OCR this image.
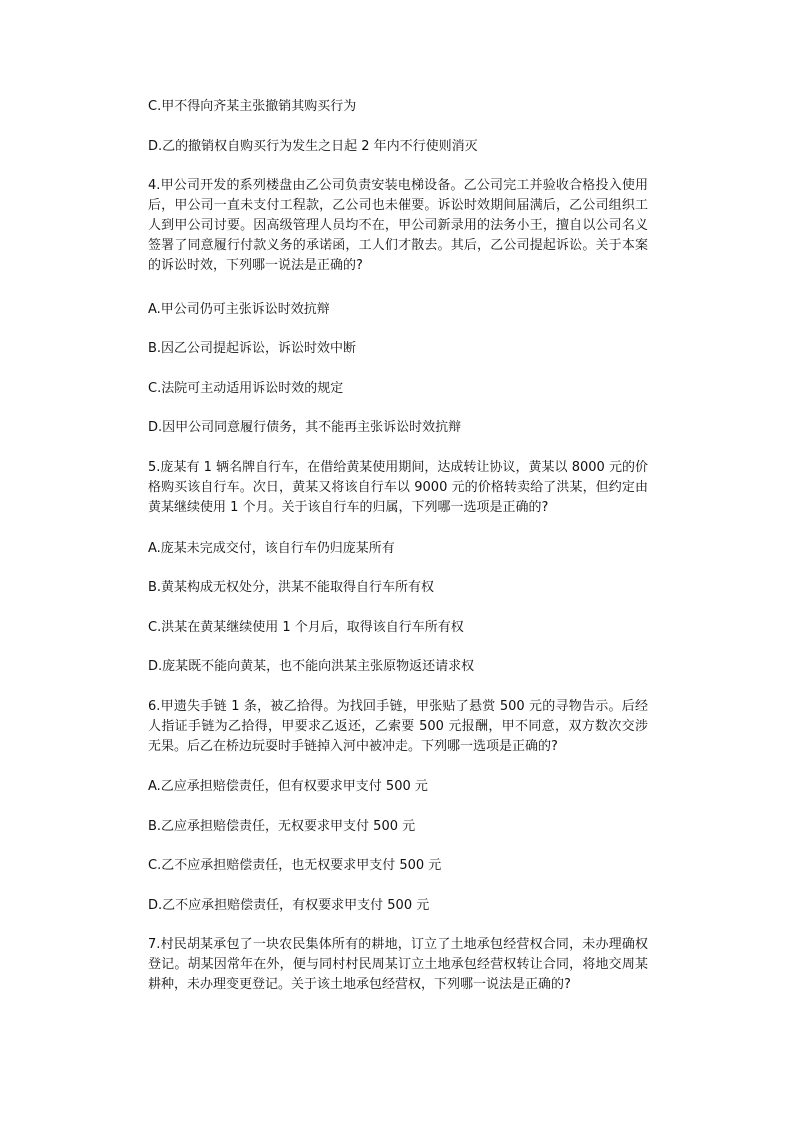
C.甲不得向齐某主张撤销其购买行为

D.乙的撤销权自购买行为发生之日起 2 年内不行使则消灭

4.甲公司开发的系列楼盘由乙公司负责安装电梯设备。乙公司完工并验收合格投入使用后，甲公司一直未支付工程款，乙公司也未催要。诉讼时效期间届满后，乙公司组织工人到甲公司讨要。因高级管理人员均不在，甲公司新录用的法务小王，擅自以公司名义签署了同意履行付款义务的承诺函，工人们才散去。其后，乙公司提起诉讼。关于本案的诉讼时效，下列哪一说法是正确的?

A.甲公司仍可主张诉讼时效抗辩

B.因乙公司提起诉讼，诉讼时效中断

C.法院可主动适用诉讼时效的规定

D.因甲公司同意履行债务，其不能再主张诉讼时效抗辩

5.庞某有 1 辆名牌自行车，在借给黄某使用期间，达成转让协议，黄某以 8000 元的价格购买该自行车。次日，黄某又将该自行车以 9000 元的价格转卖给了洪某，但约定由黄某继续使用 1 个月。关于该自行车的归属，下列哪一选项是正确的?

A.庞某未完成交付，该自行车仍归庞某所有

B.黄某构成无权处分，洪某不能取得自行车所有权

C.洪某在黄某继续使用 1 个月后，取得该自行车所有权

D.庞某既不能向黄某，也不能向洪某主张原物返还请求权

6.甲遗失手链 1 条，被乙拾得。为找回手链，甲张贴了悬赏 500 元的寻物告示。后经人指证手链为乙拾得，甲要求乙返还，乙索要 500 元报酬，甲不同意，双方数次交涉无果。后乙在桥边玩耍时手链掉入河中被冲走。下列哪一选项是正确的?

A.乙应承担赔偿责任，但有权要求甲支付 500 元

B.乙应承担赔偿责任，无权要求甲支付 500 元

C.乙不应承担赔偿责任，也无权要求甲支付 500 元

D.乙不应承担赔偿责任，有权要求甲支付 500 元

7.村民胡某承包了一块农民集体所有的耕地，订立了土地承包经营权合同，未办理确权登记。胡某因常年在外，便与同村村民周某订立土地承包经营权转让合同，将地交周某耕种，未办理变更登记。关于该土地承包经营权，下列哪一说法是正确的?
